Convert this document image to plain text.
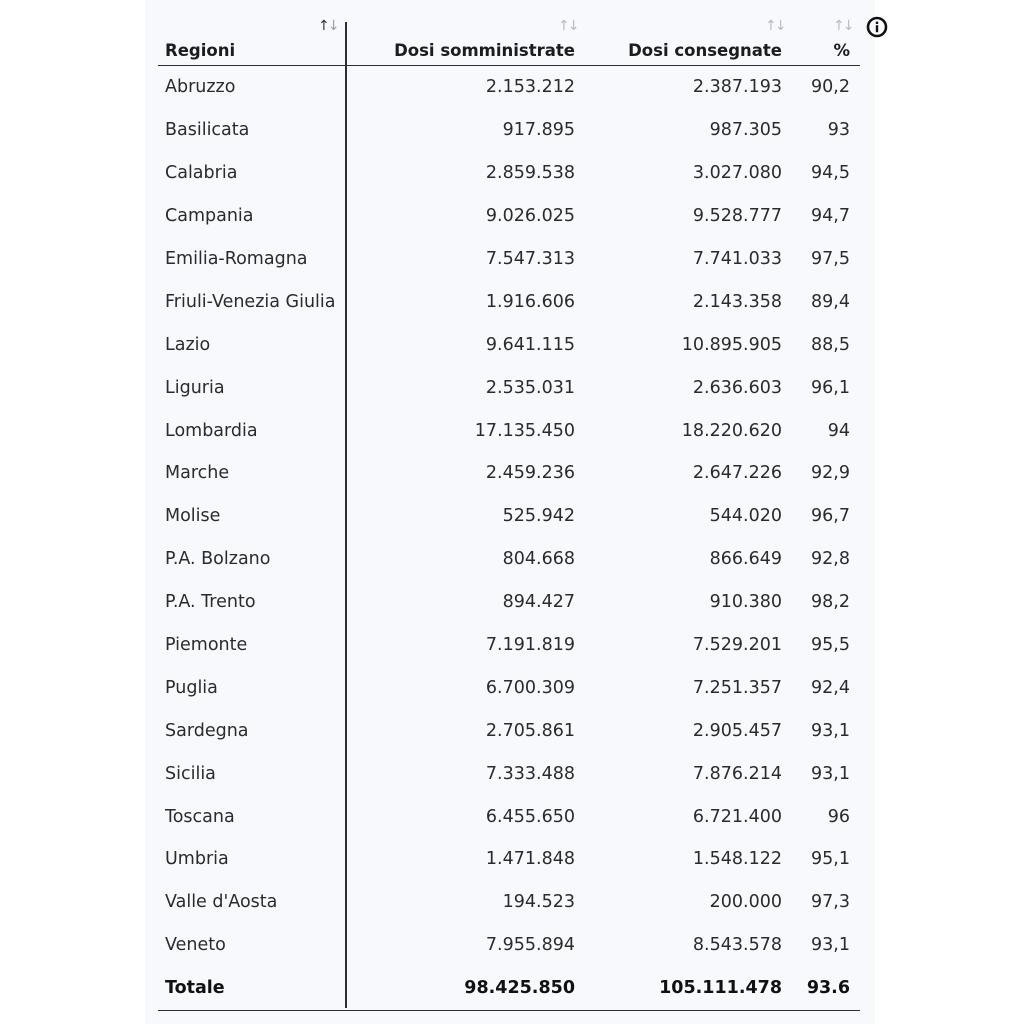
↑↓	↑↓	↑↓	↑↓
Regioni	Dosi somministrate	Dosi consegnate	%
Abruzzo	2.153.212	2.387.193	90,2
Basilicata	917.895	987.305	93
Calabria	2.859.538	3.027.080	94,5
Campania	9.026.025	9.528.777	94,7
Emilia-Romagna	7.547.313	7.741.033	97,5
Friuli-Venezia Giulia	1.916.606	2.143.358	89,4
Lazio	9.641.115	10.895.905	88,5
Liguria	2.535.031	2.636.603	96,1
Lombardia	17.135.450	18.220.620	94
Marche	2.459.236	2.647.226	92,9
Molise	525.942	544.020	96,7
P.A. Bolzano	804.668	866.649	92,8
P.A. Trento	894.427	910.380	98,2
Piemonte	7.191.819	7.529.201	95,5
Puglia	6.700.309	7.251.357	92,4
Sardegna	2.705.861	2.905.457	93,1
Sicilia	7.333.488	7.876.214	93,1
Toscana	6.455.650	6.721.400	96
Umbria	1.471.848	1.548.122	95,1
Valle d'Aosta	194.523	200.000	97,3
Veneto	7.955.894	8.543.578	93,1
Totale	98.425.850	105.111.478	93.6
